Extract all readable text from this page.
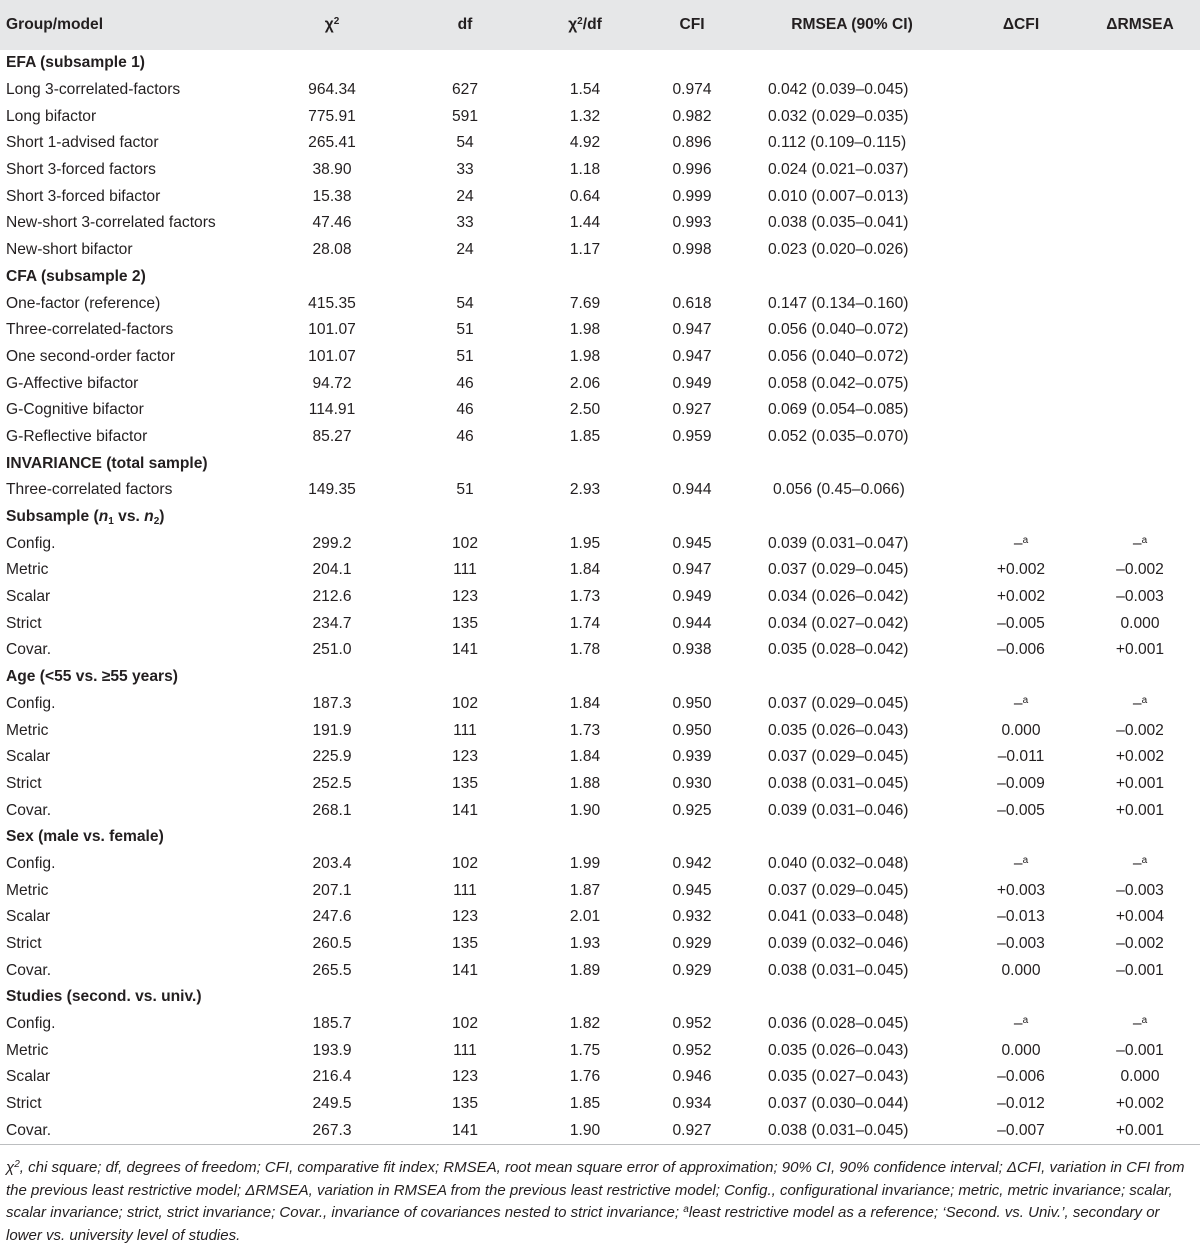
Group/model	$\chi^2$	df	$\chi^2/df$	CFI	RMSEA (90% CI)	ΔCFI	ΔRMSEA
EFA (subsample 1)							
Long 3-correlated-factors	964.34	627	1.54	0.974	0.042 (0.039–0.045)		
Long bifactor	775.91	591	1.32	0.982	0.032 (0.029–0.035)		
Short 1-advised factor	265.41	54	4.92	0.896	0.112 (0.109–0.115)		
Short 3-forced factors	38.90	33	1.18	0.996	0.024 (0.021–0.037)		
Short 3-forced bifactor	15.38	24	0.64	0.999	0.010 (0.007–0.013)		
New-short 3-correlated factors	47.46	33	1.44	0.993	0.038 (0.035–0.041)		
New-short bifactor	28.08	24	1.17	0.998	0.023 (0.020–0.026)		
CFA (subsample 2)							
One-factor (reference)	415.35	54	7.69	0.618	0.147 (0.134–0.160)		
Three-correlated-factors	101.07	51	1.98	0.947	0.056 (0.040–0.072)		
One second-order factor	101.07	51	1.98	0.947	0.056 (0.040–0.072)		
G-Affective bifactor	94.72	46	2.06	0.949	0.058 (0.042–0.075)		
G-Cognitive bifactor	114.91	46	2.50	0.927	0.069 (0.054–0.085)		
G-Reflective bifactor	85.27	46	1.85	0.959	0.052 (0.035–0.070)		
INVARIANCE (total sample)							
Three-correlated factors	149.35	51	2.93	0.944	0.056 (0.45–0.066)		
Subsample ($n_1$ vs. $n_2$)							
Config.	299.2	102	1.95	0.945	0.039 (0.031–0.047)	–$^a$	–$^a$
Metric	204.1	111	1.84	0.947	0.037 (0.029–0.045)	+0.002	–0.002
Scalar	212.6	123	1.73	0.949	0.034 (0.026–0.042)	+0.002	–0.003
Strict	234.7	135	1.74	0.944	0.034 (0.027–0.042)	–0.005	0.000
Covar.	251.0	141	1.78	0.938	0.035 (0.028–0.042)	–0.006	+0.001
Age (<55 vs. ≥55 years)							
Config.	187.3	102	1.84	0.950	0.037 (0.029–0.045)	–$^a$	–$^a$
Metric	191.9	111	1.73	0.950	0.035 (0.026–0.043)	0.000	–0.002
Scalar	225.9	123	1.84	0.939	0.037 (0.029–0.045)	–0.011	+0.002
Strict	252.5	135	1.88	0.930	0.038 (0.031–0.045)	–0.009	+0.001
Covar.	268.1	141	1.90	0.925	0.039 (0.031–0.046)	–0.005	+0.001
Sex (male vs. female)							
Config.	203.4	102	1.99	0.942	0.040 (0.032–0.048)	–$^a$	–$^a$
Metric	207.1	111	1.87	0.945	0.037 (0.029–0.045)	+0.003	–0.003
Scalar	247.6	123	2.01	0.932	0.041 (0.033–0.048)	–0.013	+0.004
Strict	260.5	135	1.93	0.929	0.039 (0.032–0.046)	–0.003	–0.002
Covar.	265.5	141	1.89	0.929	0.038 (0.031–0.045)	0.000	–0.001
Studies (second. vs. univ.)							
Config.	185.7	102	1.82	0.952	0.036 (0.028–0.045)	–$^a$	–$^a$
Metric	193.9	111	1.75	0.952	0.035 (0.026–0.043)	0.000	–0.001
Scalar	216.4	123	1.76	0.946	0.035 (0.027–0.043)	–0.006	0.000
Strict	249.5	135	1.85	0.934	0.037 (0.030–0.044)	–0.012	+0.002
Covar.	267.3	141	1.90	0.927	0.038 (0.031–0.045)	–0.007	+0.001

$\chi^2$, chi square; df, degrees of freedom; CFI, comparative fit index; RMSEA, root mean square error of approximation; 90% CI, 90% confidence interval; ΔCFI, variation in CFI from the previous least restrictive model; ΔRMSEA, variation in RMSEA from the previous least restrictive model; Config., configurational invariance; metric, metric invariance; scalar, scalar invariance; strict, strict invariance; Covar., invariance of covariances nested to strict invariance; $^a$least restrictive model as a reference; ‘Second. vs. Univ.’, secondary or lower vs. university level of studies.
